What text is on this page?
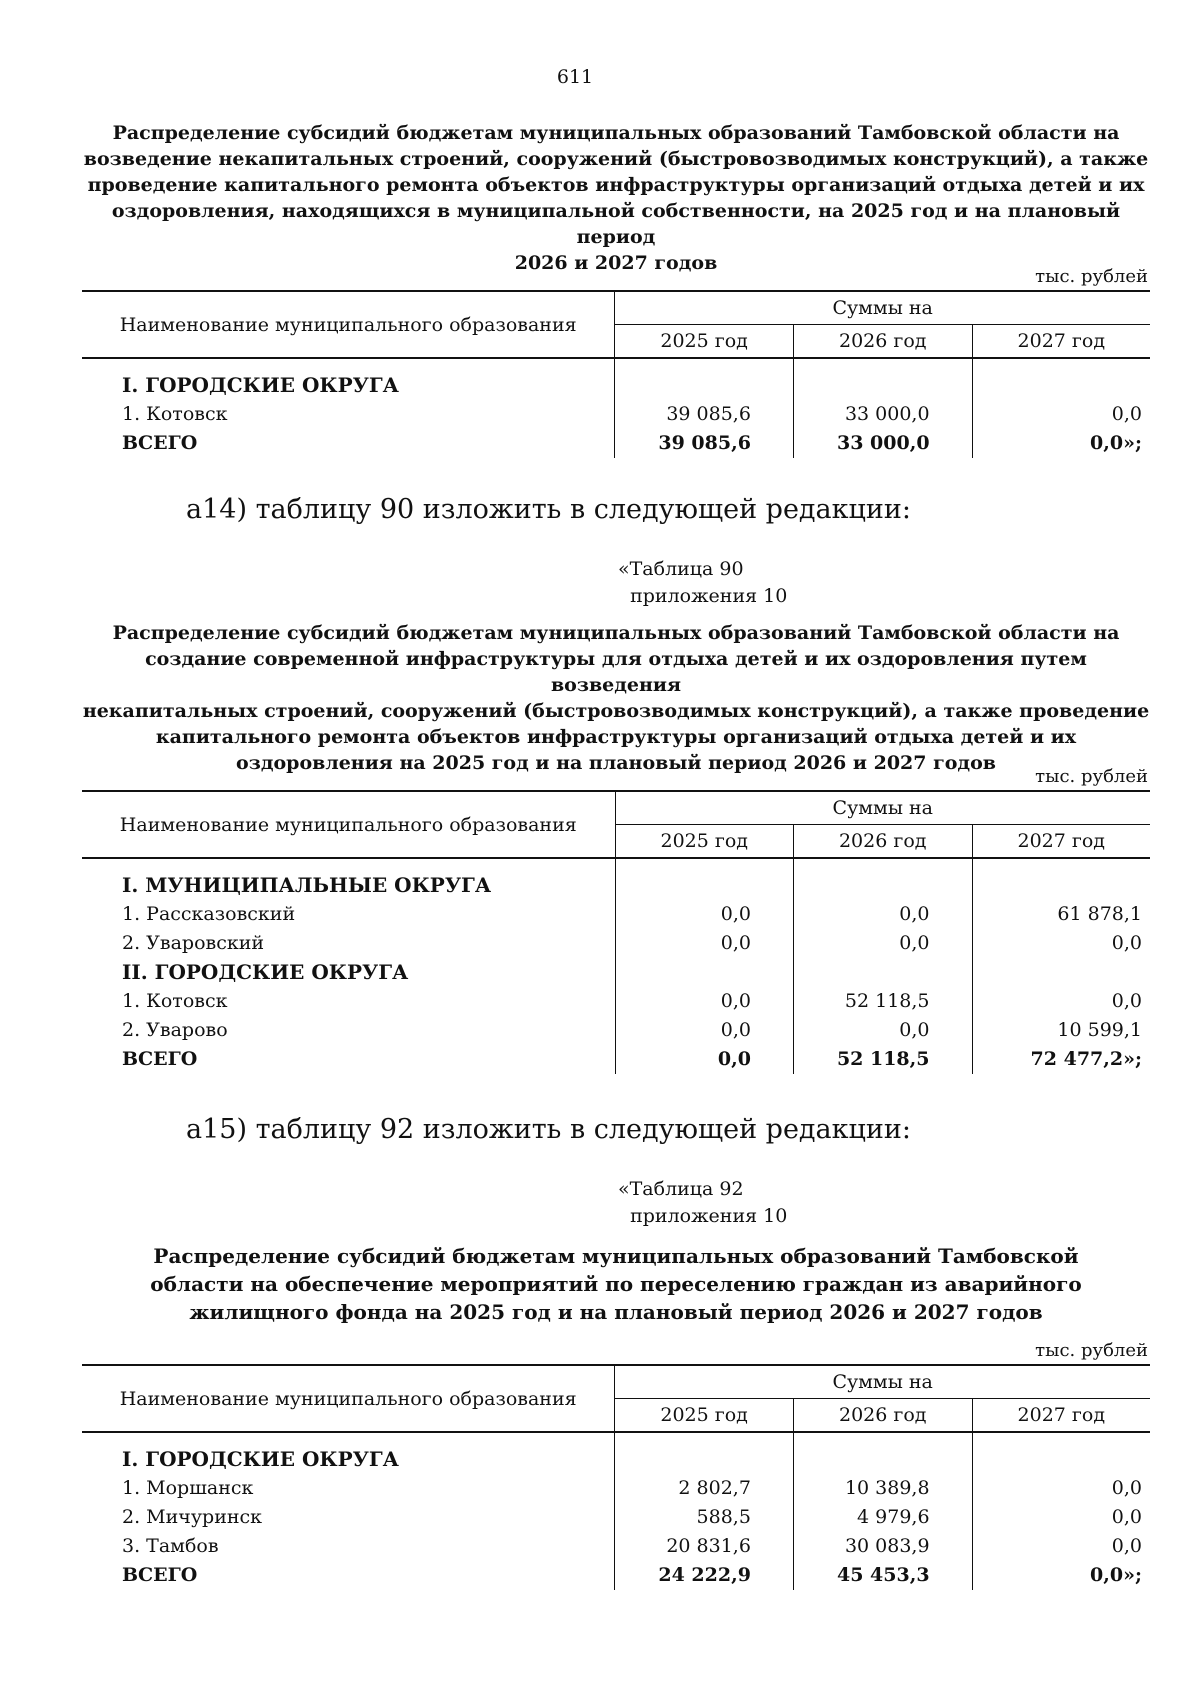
611
Распределение субсидий бюджетам муниципальных образований Тамбовской области на
возведение некапитальных строений, сооружений (быстровозводимых конструкций), а также
проведение капитального ремонта объектов инфраструктуры организаций отдыха детей и их
оздоровления, находящихся в муниципальной собственности, на 2025 год и на плановый период
2026 и 2027 годов
тыс. рублей
Наименование муниципального образования	Суммы на		
	2025 год	2026 год	2027 год

I. ГОРОДСКИЕ ОКРУГА			
1. Котовск	39 085,6	33 000,0	0,0
ВСЕГО	39 085,6	33 000,0	0,0»;
а14) таблицу 90 изложить в следующей редакции:
«Таблица 90
приложения 10
Распределение субсидий бюджетам муниципальных образований Тамбовской области на
создание современной инфраструктуры для отдыха детей и их оздоровления путем возведения
некапитальных строений, сооружений (быстровозводимых конструкций), а также проведение
капитального ремонта объектов инфраструктуры организаций отдыха детей и их
оздоровления на 2025 год и на плановый период 2026 и 2027 годов
тыс. рублей
Наименование муниципального образования	Суммы на		
	2025 год	2026 год	2027 год

I. МУНИЦИПАЛЬНЫЕ ОКРУГА			
1. Рассказовский	0,0	0,0	61 878,1
2. Уваровский	0,0	0,0	0,0
II. ГОРОДСКИЕ ОКРУГА			
1. Котовск	0,0	52 118,5	0,0
2. Уварово	0,0	0,0	10 599,1
ВСЕГО	0,0	52 118,5	72 477,2»;
а15) таблицу 92 изложить в следующей редакции:
«Таблица 92
приложения 10
Распределение субсидий бюджетам муниципальных образований Тамбовской
области на обеспечение мероприятий по переселению граждан из аварийного
жилищного фонда на 2025 год и на плановый период 2026 и 2027 годов
тыс. рублей
Наименование муниципального образования	Суммы на		
	2025 год	2026 год	2027 год

I. ГОРОДСКИЕ ОКРУГА			
1. Моршанск	2 802,7	10 389,8	0,0
2. Мичуринск	588,5	4 979,6	0,0
3. Тамбов	20 831,6	30 083,9	0,0
ВСЕГО	24 222,9	45 453,3	0,0»;
